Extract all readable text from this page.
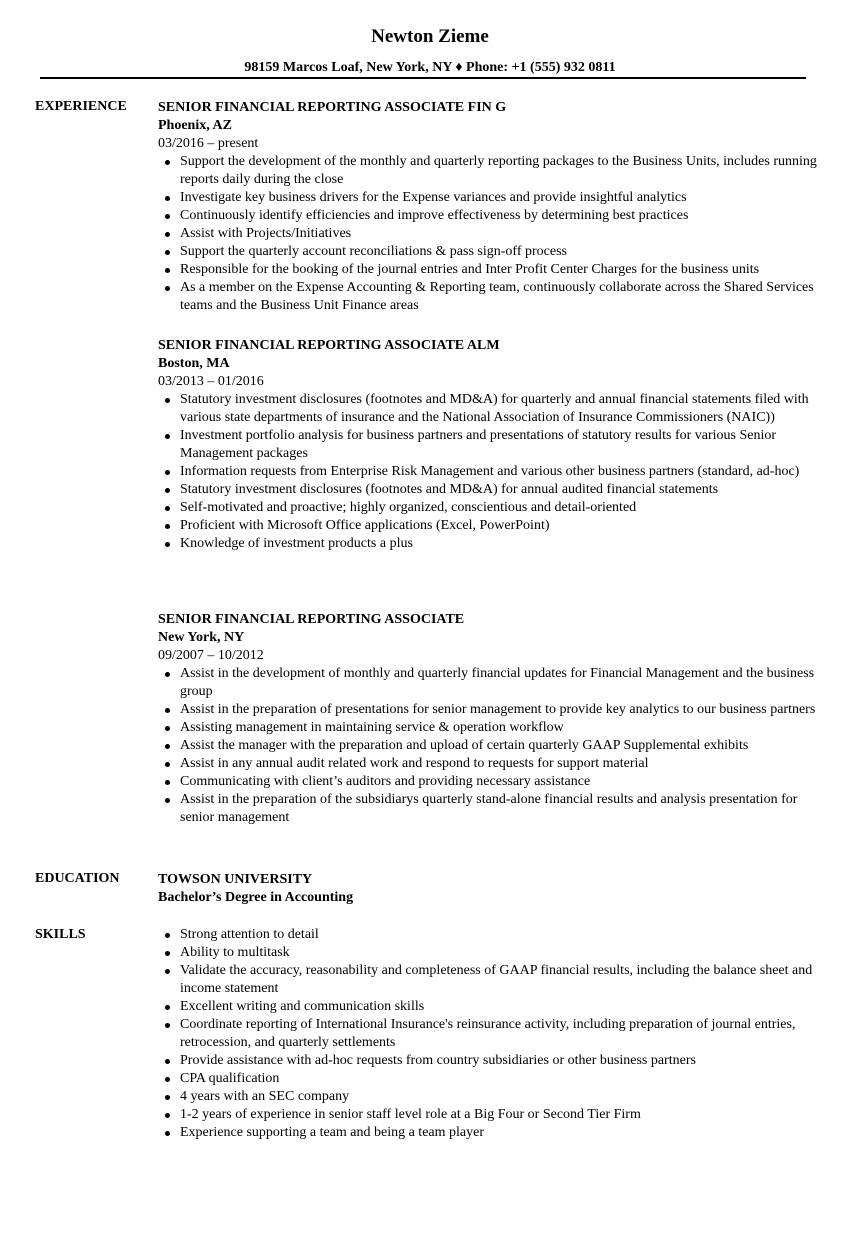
Newton Zieme
98159 Marcos Loaf, New York, NY ♦ Phone: +1 (555) 932 0811
EXPERIENCE SENIOR FINANCIAL REPORTING ASSOCIATE FIN G
Phoenix, AZ
03/2016 – present
Support the development of the monthly and quarterly reporting packages to the Business Units, includes running reports daily during the close
Investigate key business drivers for the Expense variances and provide insightful analytics
Continuously identify efficiencies and improve effectiveness by determining best practices
Assist with Projects/Initiatives
Support the quarterly account reconciliations & pass sign-off process
Responsible for the booking of the journal entries and Inter Profit Center Charges for the business units
As a member on the Expense Accounting & Reporting team, continuously collaborate across the Shared Services teams and the Business Unit Finance areas
SENIOR FINANCIAL REPORTING ASSOCIATE ALM
Boston, MA
03/2013 – 01/2016
Statutory investment disclosures (footnotes and MD&A) for quarterly and annual financial statements filed with various state departments of insurance and the National Association of Insurance Commissioners (NAIC))
Investment portfolio analysis for business partners and presentations of statutory results for various Senior Management packages
Information requests from Enterprise Risk Management and various other business partners (standard, ad-hoc)
Statutory investment disclosures (footnotes and MD&A) for annual audited financial statements
Self-motivated and proactive; highly organized, conscientious and detail-oriented
Proficient with Microsoft Office applications (Excel, PowerPoint)
Knowledge of investment products a plus
SENIOR FINANCIAL REPORTING ASSOCIATE
New York, NY
09/2007 – 10/2012
Assist in the development of monthly and quarterly financial updates for Financial Management and the business group
Assist in the preparation of presentations for senior management to provide key analytics to our business partners
Assisting management in maintaining service & operation workflow
Assist the manager with the preparation and upload of certain quarterly GAAP Supplemental exhibits
Assist in any annual audit related work and respond to requests for support material
Communicating with client’s auditors and providing necessary assistance
Assist in the preparation of the subsidiarys quarterly stand-alone financial results and analysis presentation for senior management
EDUCATION	TOWSON UNIVERSITY
Bachelor’s Degree in Accounting
SKILLS	Strong attention to detail
Ability to multitask
Validate the accuracy, reasonability and completeness of GAAP financial results, including the balance sheet and income statement
Excellent writing and communication skills
Coordinate reporting of International Insurance's reinsurance activity, including preparation of journal entries, retrocession, and quarterly settlements
Provide assistance with ad-hoc requests from country subsidiaries or other business partners
CPA qualification
4 years with an SEC company
1-2 years of experience in senior staff level role at a Big Four or Second Tier Firm
Experience supporting a team and being a team player
